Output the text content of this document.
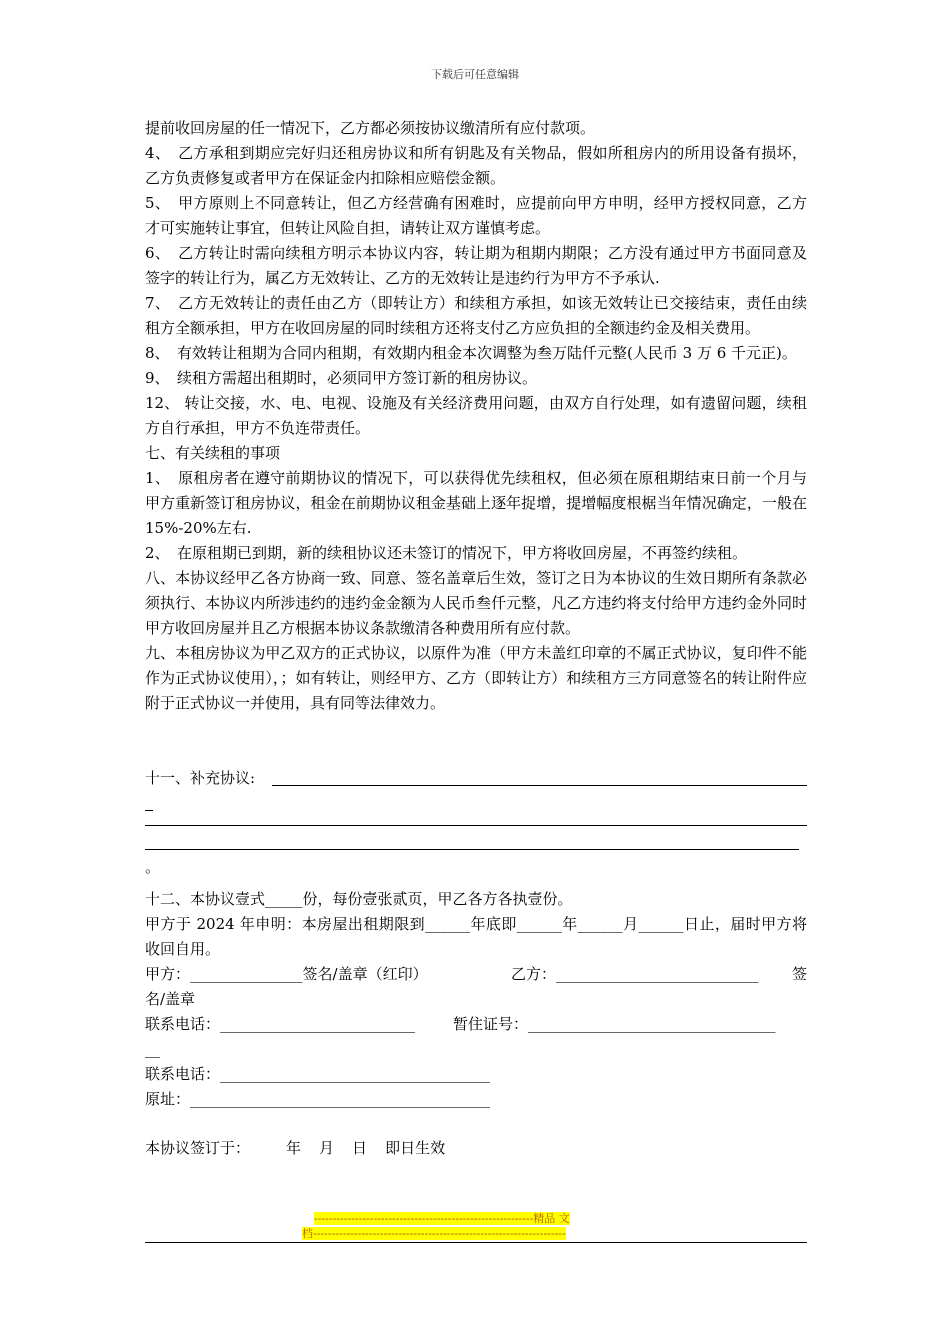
下载后可任意编辑

提前收回房屋的任一情况下，乙方都必须按协议缴清所有应付款项。

4、　乙方承租到期应完好归还租房协议和所有钥匙及有关物品，假如所租房内的所用设备有损坏，乙方负责修复或者甲方在保证金内扣除相应赔偿金额。

5、　甲方原则上不同意转让，但乙方经营确有困难时，应提前向甲方申明，经甲方授权同意，乙方才可实施转让事宜，但转让风险自担，请转让双方谨慎考虑。

6、　乙方转让时需向续租方明示本协议内容，转让期为租期内期限；乙方没有通过甲方书面同意及签字的转让行为，属乙方无效转让、乙方的无效转让是违约行为甲方不予承认.

7、　乙方无效转让的责任由乙方（即转让方）和续租方承担，如该无效转让已交接结束，责任由续租方全额承担，甲方在收回房屋的同时续租方还将支付乙方应负担的全额违约金及相关费用。

8、　有效转让租期为合同内租期，有效期内租金本次调整为叁万陆仟元整(人民币 3 万 6 千元正)。

9、　续租方需超出租期时，必须同甲方签订新的租房协议。

12、 转让交接，水、电、电视、设施及有关经济费用问题，由双方自行处理，如有遗留问题，续租方自行承担，甲方不负连带责任。

七、有关续租的事项

1、　原租房者在遵守前期协议的情况下，可以获得优先续租权，但必须在原租期结束日前一个月与甲方重新签订租房协议，租金在前期协议租金基础上逐年捉增，提增幅度根椐当年情况确定，一般在 15%-20%左右.

2、　在原租期已到期，新的续租协议还未签订的情况下，甲方将收回房屋，不再签约续租。

八、本协议经甲乙各方协商一致、同意、签名盖章后生效，签订之日为本协议的生效日期所有条款必须执行、本协议内所涉违约的违约金金额为人民币叁仟元整，凡乙方违约将支付给甲方违约金外同时甲方收回房屋并且乙方根据本协议条款缴清各种费用所有应付款。

九、本租房协议为甲乙双方的正式协议，以原件为准（甲方未盖红印章的不属正式协议，复印件不能作为正式协议使用），；如有转让，则经甲方、乙方（即转让方）和续租方三方同意签名的转让附件应附于正式协议一并使用，具有同等法律效力。

十一、补充协议:
。
十二、本协议壹式_____份，每份壹张贰页，甲乙各方各执壹份。
甲方于 2024 年申明：本房屋出租期限到______年底即______年______月______日止，届时甲方将收回自用。
甲方：_______________签名/盖章（红印）	乙方：___________________________ 签
名/盖章
联系电话：__________________________	暂住证号：_________________________________
__
联系电话：____________________________________
原址：________________________________________
本协议签订于： 年 月 日 即日生效
-----------------------------------------------------------精品 文
档--------------------------------------------------------------------
